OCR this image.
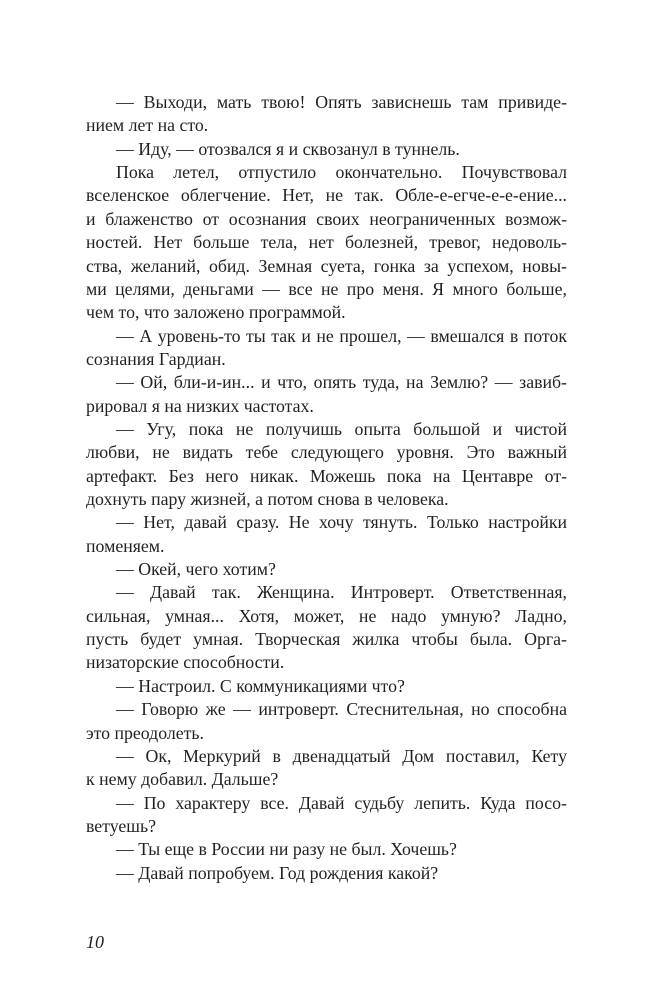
— Выходи, мать твою! Опять зависнешь там привиде-
нием лет на сто.
— Иду, — отозвался я и сквозанул в туннель.
Пока летел, отпустило окончательно. Почувствовал
вселенское облегчение. Нет, не так. Обле-е-егче-е-е-ение...
и блаженство от осознания своих неограниченных возмож-
ностей. Нет больше тела, нет болезней, тревог, недоволь-
ства, желаний, обид. Земная суета, гонка за успехом, новы-
ми целями, деньгами — все не про меня. Я много больше,
чем то, что заложено программой.
— А уровень-то ты так и не прошел, — вмешался в поток
сознания Гардиан.
— Ой, бли-и-ин... и что, опять туда, на Землю? — завиб-
рировал я на низких частотах.
— Угу, пока не получишь опыта большой и чистой
любви, не видать тебе следующего уровня. Это важный
артефакт. Без него никак. Можешь пока на Центавре от-
дохнуть пару жизней, а потом снова в человека.
— Нет, давай сразу. Не хочу тянуть. Только настройки
поменяем.
— Окей, чего хотим?
— Давай так. Женщина. Интроверт. Ответственная,
сильная, умная... Хотя, может, не надо умную? Ладно,
пусть будет умная. Творческая жилка чтобы была. Орга-
низаторские способности.
— Настроил. С коммуникациями что?
— Говорю же — интроверт. Стеснительная, но способна
это преодолеть.
— Ок, Меркурий в двенадцатый Дом поставил, Кету
к нему добавил. Дальше?
— По характеру все. Давай судьбу лепить. Куда посо-
ветуешь?
— Ты еще в России ни разу не был. Хочешь?
— Давай попробуем. Год рождения какой?
10
